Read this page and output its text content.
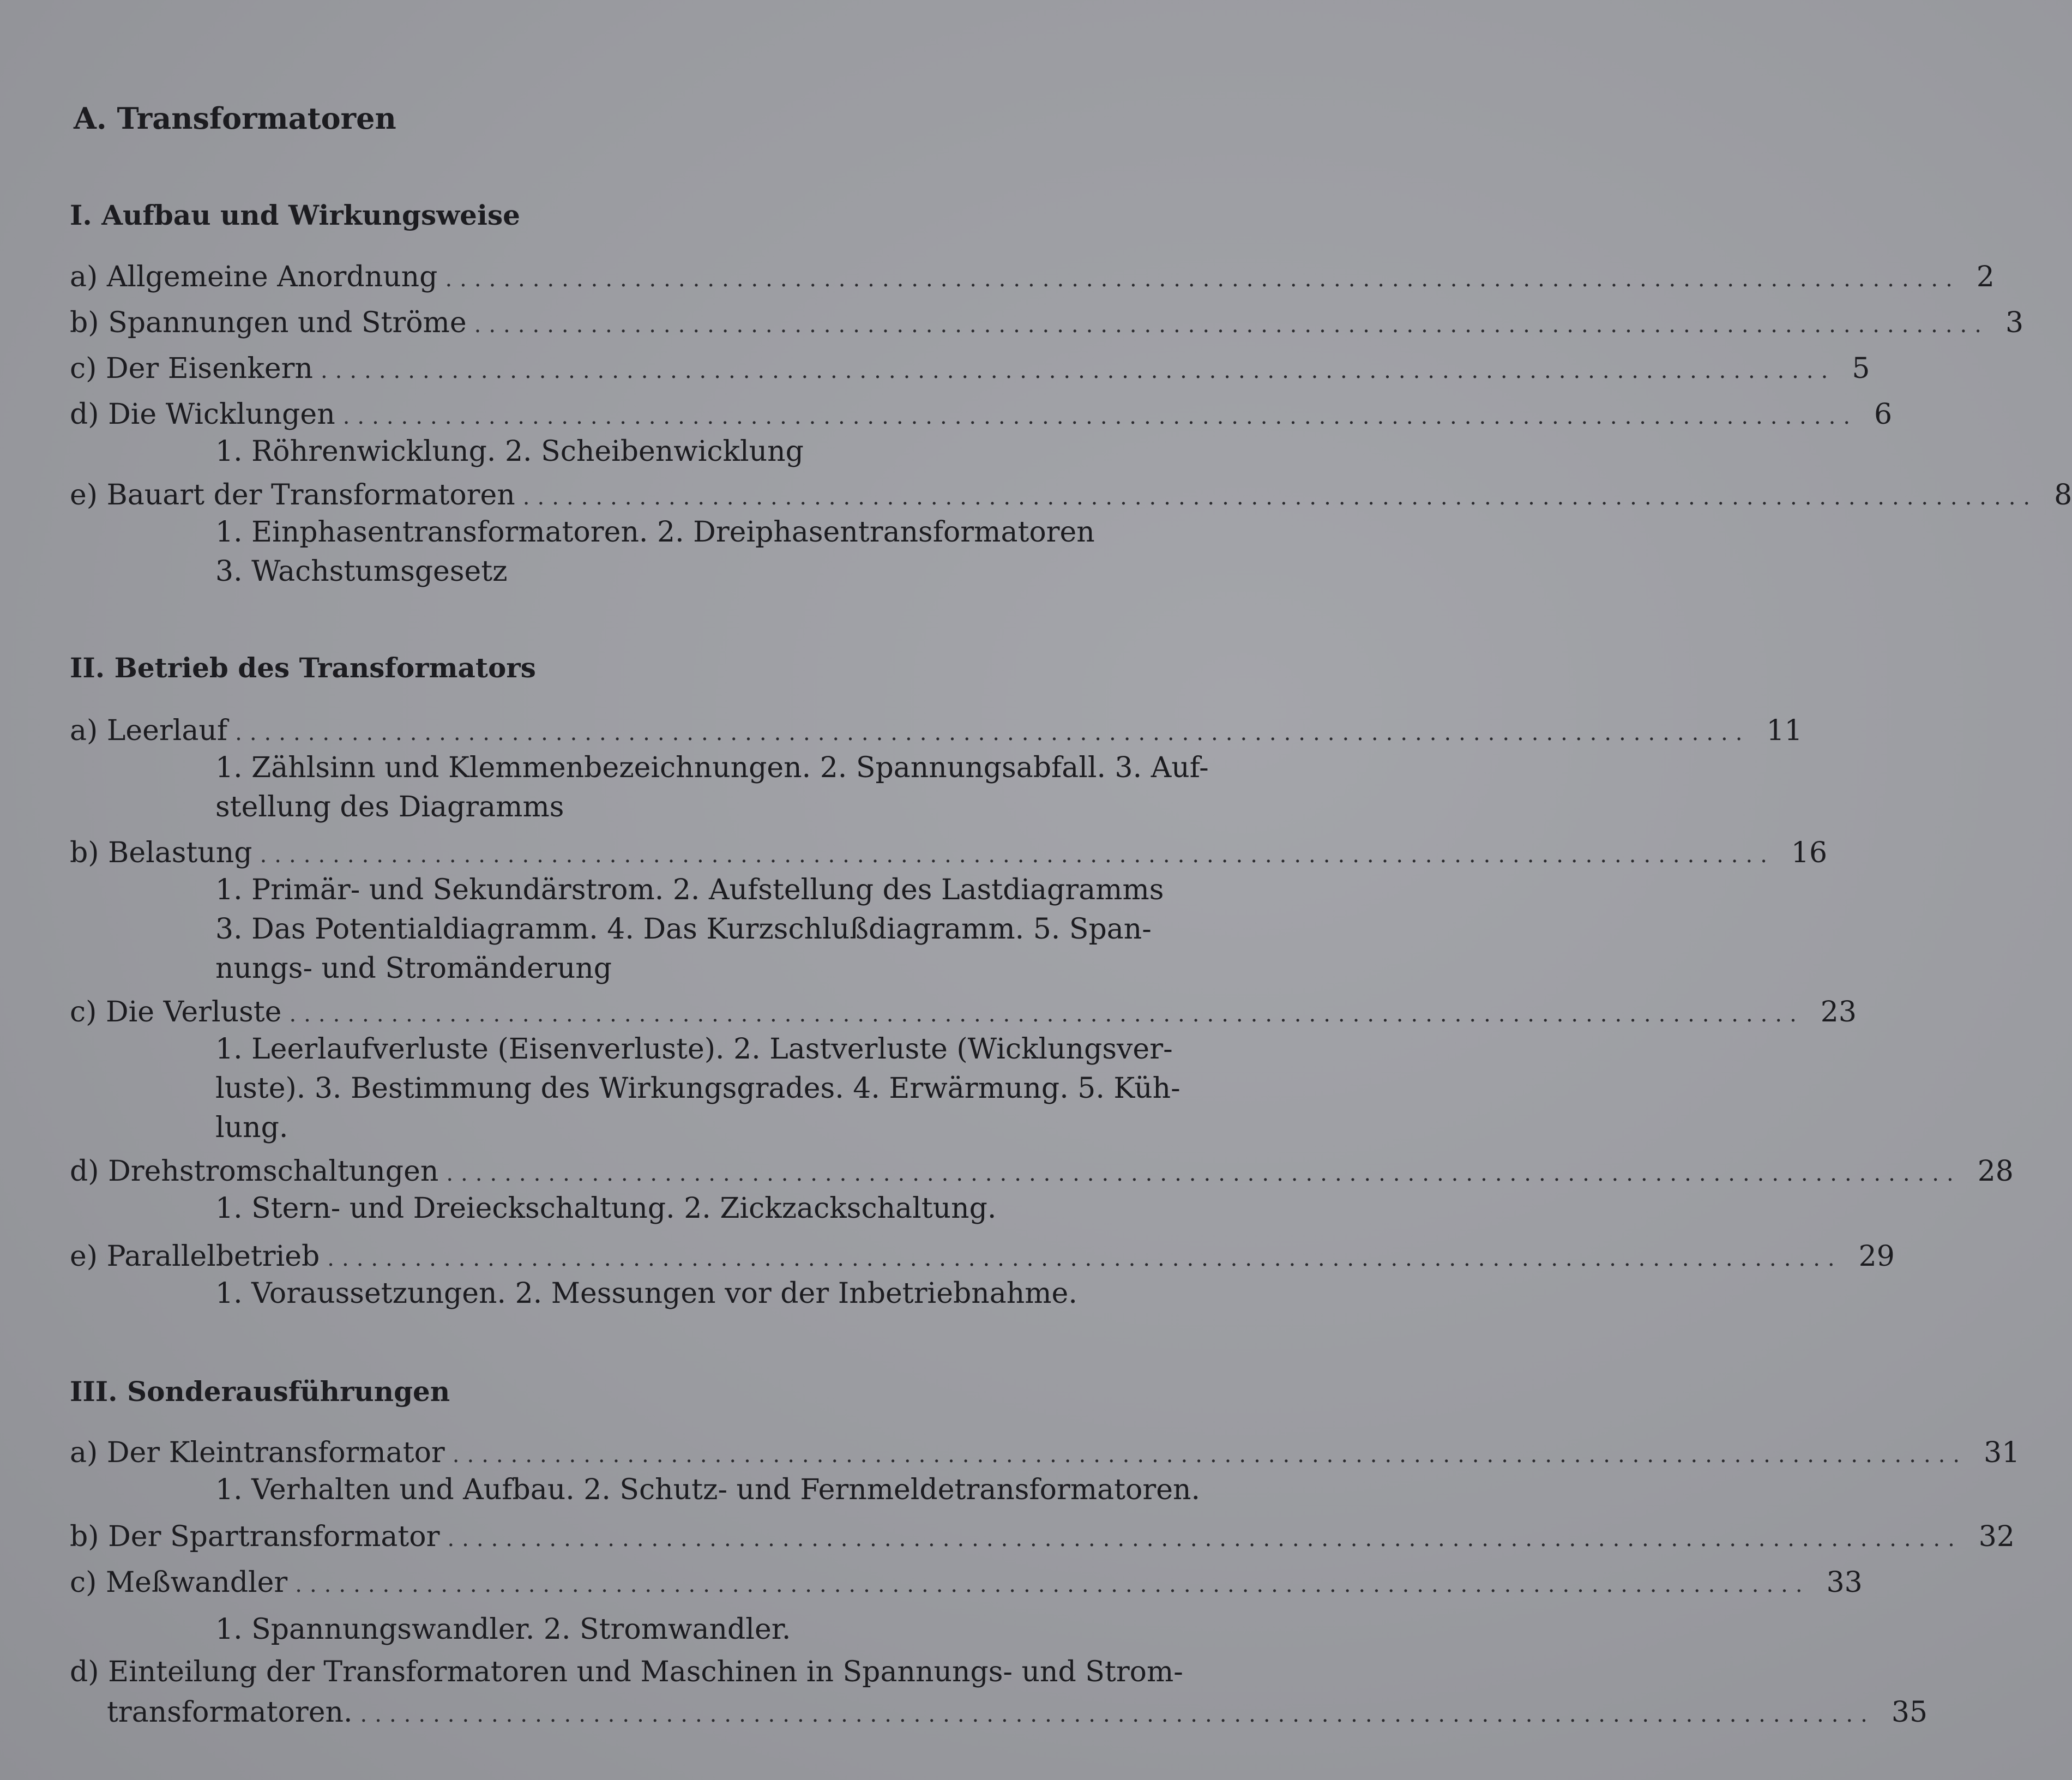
A. Transformatoren
I. Aufbau und Wirkungsweise
a) Allgemeine Anordnung ........................................................................................................ 2
b) Spannungen und Ströme ........................................................................................................ 3
c) Der Eisenkern ........................................................................................................ 5
d) Die Wicklungen ........................................................................................................ 6
1. Röhrenwicklung. 2. Scheibenwicklung
e) Bauart der Transformatoren ........................................................................................................ 8
1. Einphasentransformatoren. 2. Dreiphasentransformatoren
3. Wachstumsgesetz
II. Betrieb des Transformators
a) Leerlauf ........................................................................................................ 11
1. Zählsinn und Klemmenbezeichnungen. 2. Spannungsabfall. 3. Auf-
stellung des Diagramms
b) Belastung ........................................................................................................ 16
1. Primär- und Sekundärstrom. 2. Aufstellung des Lastdiagramms
3. Das Potentialdiagramm. 4. Das Kurzschlußdiagramm. 5. Span-
nungs- und Stromänderung
c) Die Verluste ........................................................................................................ 23
1. Leerlaufverluste (Eisenverluste). 2. Lastverluste (Wicklungsver-
luste). 3. Bestimmung des Wirkungsgrades. 4. Erwärmung. 5. Küh-
lung.
d) Drehstromschaltungen ........................................................................................................ 28
1. Stern- und Dreieckschaltung. 2. Zickzackschaltung.
e) Parallelbetrieb ........................................................................................................ 29
1. Voraussetzungen. 2. Messungen vor der Inbetriebnahme.
III. Sonderausführungen
a) Der Kleintransformator ........................................................................................................ 31
1. Verhalten und Aufbau. 2. Schutz- und Fernmeldetransformatoren.
b) Der Spartransformator ........................................................................................................ 32
c) Meßwandler ........................................................................................................ 33
1. Spannungswandler. 2. Stromwandler.
d) Einteilung der Transformatoren und Maschinen in Spannungs- und Strom-
transformatoren. ........................................................................................................ 35
